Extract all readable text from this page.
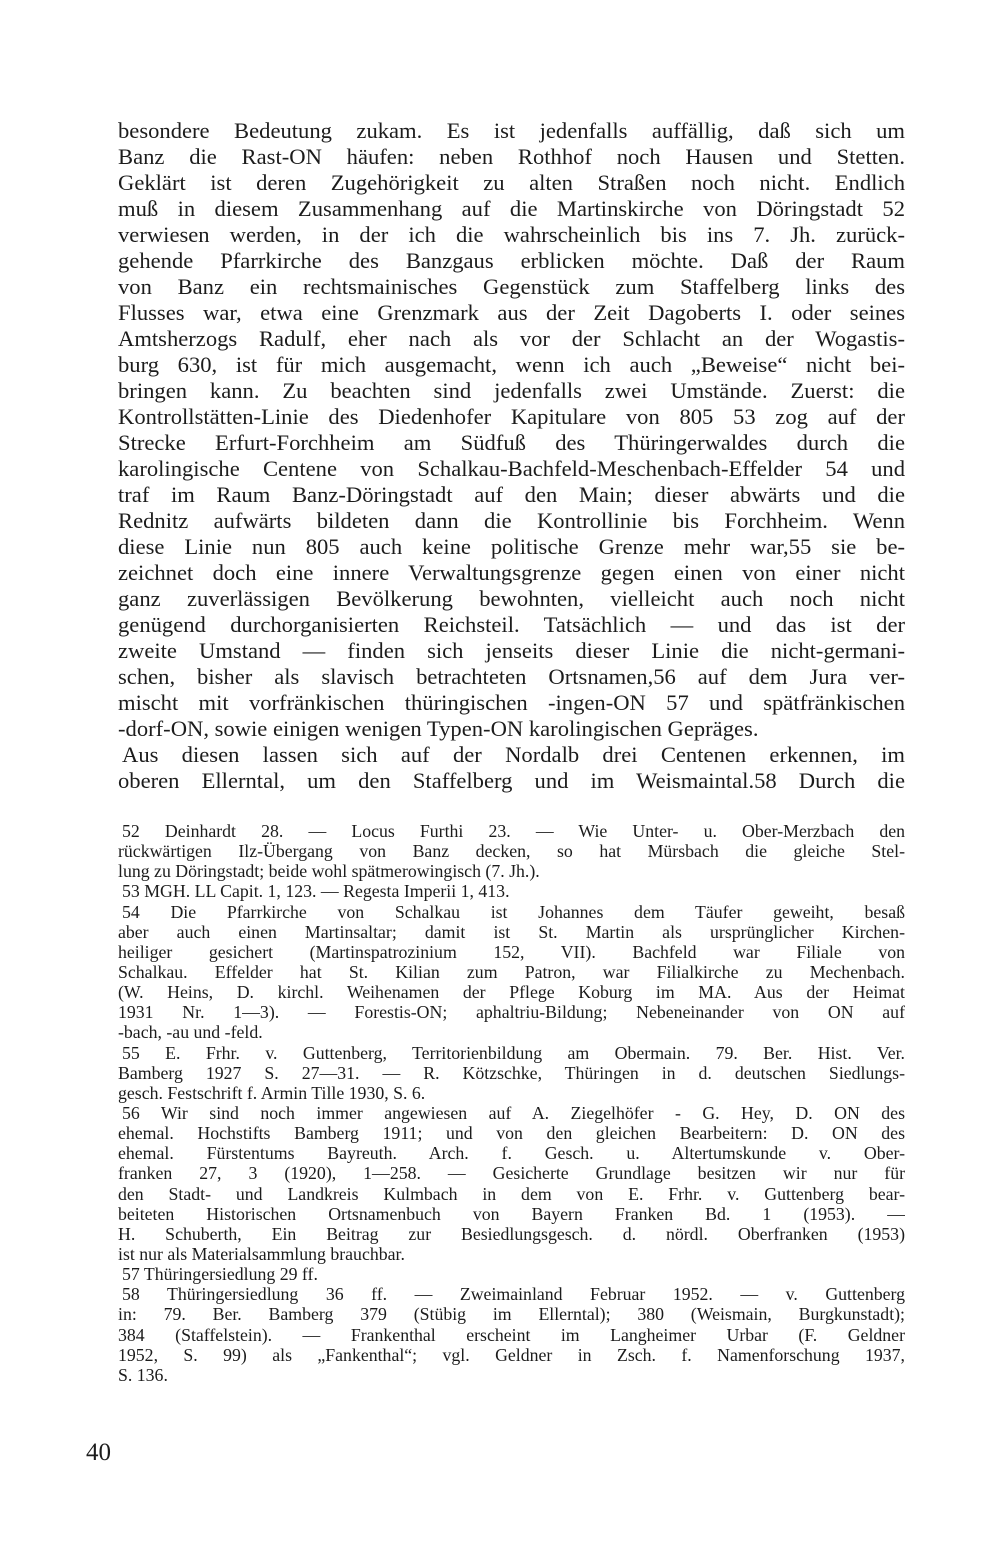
besondere Bedeutung zukam. Es ist jedenfalls auffällig, daß sich um
Banz die Rast-ON häufen: neben Rothhof noch Hausen und Stetten.
Geklärt ist deren Zugehörigkeit zu alten Straßen noch nicht. Endlich
muß in diesem Zusammenhang auf die Martinskirche von Döringstadt 52
verwiesen werden, in der ich die wahrscheinlich bis ins 7. Jh. zurück-
gehende Pfarrkirche des Banzgaus erblicken möchte. Daß der Raum
von Banz ein rechtsmainisches Gegenstück zum Staffelberg links des
Flusses war, etwa eine Grenzmark aus der Zeit Dagoberts I. oder seines
Amtsherzogs Radulf, eher nach als vor der Schlacht an der Wogastis-
burg 630, ist für mich ausgemacht, wenn ich auch „Beweise“ nicht bei-
bringen kann. Zu beachten sind jedenfalls zwei Umstände. Zuerst: die
Kontrollstätten-Linie des Diedenhofer Kapitulare von 805 53 zog auf der
Strecke Erfurt-Forchheim am Südfuß des Thüringerwaldes durch die
karolingische Centene von Schalkau-Bachfeld-Meschenbach-Effelder 54 und
traf im Raum Banz-Döringstadt auf den Main; dieser abwärts und die
Rednitz aufwärts bildeten dann die Kontrollinie bis Forchheim. Wenn
diese Linie nun 805 auch keine politische Grenze mehr war,55 sie be-
zeichnet doch eine innere Verwaltungsgrenze gegen einen von einer nicht
ganz zuverlässigen Bevölkerung bewohnten, vielleicht auch noch nicht
genügend durchorganisierten Reichsteil. Tatsächlich — und das ist der
zweite Umstand — finden sich jenseits dieser Linie die nicht-germani-
schen, bisher als slavisch betrachteten Ortsnamen,56 auf dem Jura ver-
mischt mit vorfränkischen thüringischen -ingen-ON 57 und spätfränkischen
-dorf-ON, sowie einigen wenigen Typen-ON karolingischen Gepräges.
Aus diesen lassen sich auf der Nordalb drei Centenen erkennen, im
oberen Ellerntal, um den Staffelberg und im Weismaintal.58 Durch die
52 Deinhardt 28. — Locus Furthi 23. — Wie Unter- u. Ober-Merzbach den
rückwärtigen Ilz-Übergang von Banz decken, so hat Mürsbach die gleiche Stel-
lung zu Döringstadt; beide wohl spätmerowingisch (7. Jh.).
53 MGH. LL Capit. 1, 123. — Regesta Imperii 1, 413.
54 Die Pfarrkirche von Schalkau ist Johannes dem Täufer geweiht, besaß
aber auch einen Martinsaltar; damit ist St. Martin als ursprünglicher Kirchen-
heiliger gesichert (Martinspatrozinium 152, VII). Bachfeld war Filiale von
Schalkau. Effelder hat St. Kilian zum Patron, war Filialkirche zu Mechenbach.
(W. Heins, D. kirchl. Weihenamen der Pflege Koburg im MA. Aus der Heimat
1931 Nr. 1—3). — Forestis-ON; aphaltriu-Bildung; Nebeneinander von ON auf
-bach, -au und -feld.
55 E. Frhr. v. Guttenberg, Territorienbildung am Obermain. 79. Ber. Hist. Ver.
Bamberg 1927 S. 27—31. — R. Kötzschke, Thüringen in d. deutschen Siedlungs-
gesch. Festschrift f. Armin Tille 1930, S. 6.
56 Wir sind noch immer angewiesen auf A. Ziegelhöfer - G. Hey, D. ON des
ehemal. Hochstifts Bamberg 1911; und von den gleichen Bearbeitern: D. ON des
ehemal. Fürstentums Bayreuth. Arch. f. Gesch. u. Altertumskunde v. Ober-
franken 27, 3 (1920), 1—258. — Gesicherte Grundlage besitzen wir nur für
den Stadt- und Landkreis Kulmbach in dem von E. Frhr. v. Guttenberg bear-
beiteten Historischen Ortsnamenbuch von Bayern Franken Bd. 1 (1953). —
H. Schuberth, Ein Beitrag zur Besiedlungsgesch. d. nördl. Oberfranken (1953)
ist nur als Materialsammlung brauchbar.
57 Thüringersiedlung 29 ff.
58 Thüringersiedlung 36 ff. — Zweimainland Februar 1952. — v. Guttenberg
in: 79. Ber. Bamberg 379 (Stübig im Ellerntal); 380 (Weismain, Burgkunstadt);
384 (Staffelstein). — Frankenthal erscheint im Langheimer Urbar (F. Geldner
1952, S. 99) als „Fankenthal“; vgl. Geldner in Zsch. f. Namenforschung 1937,
S. 136.
40
